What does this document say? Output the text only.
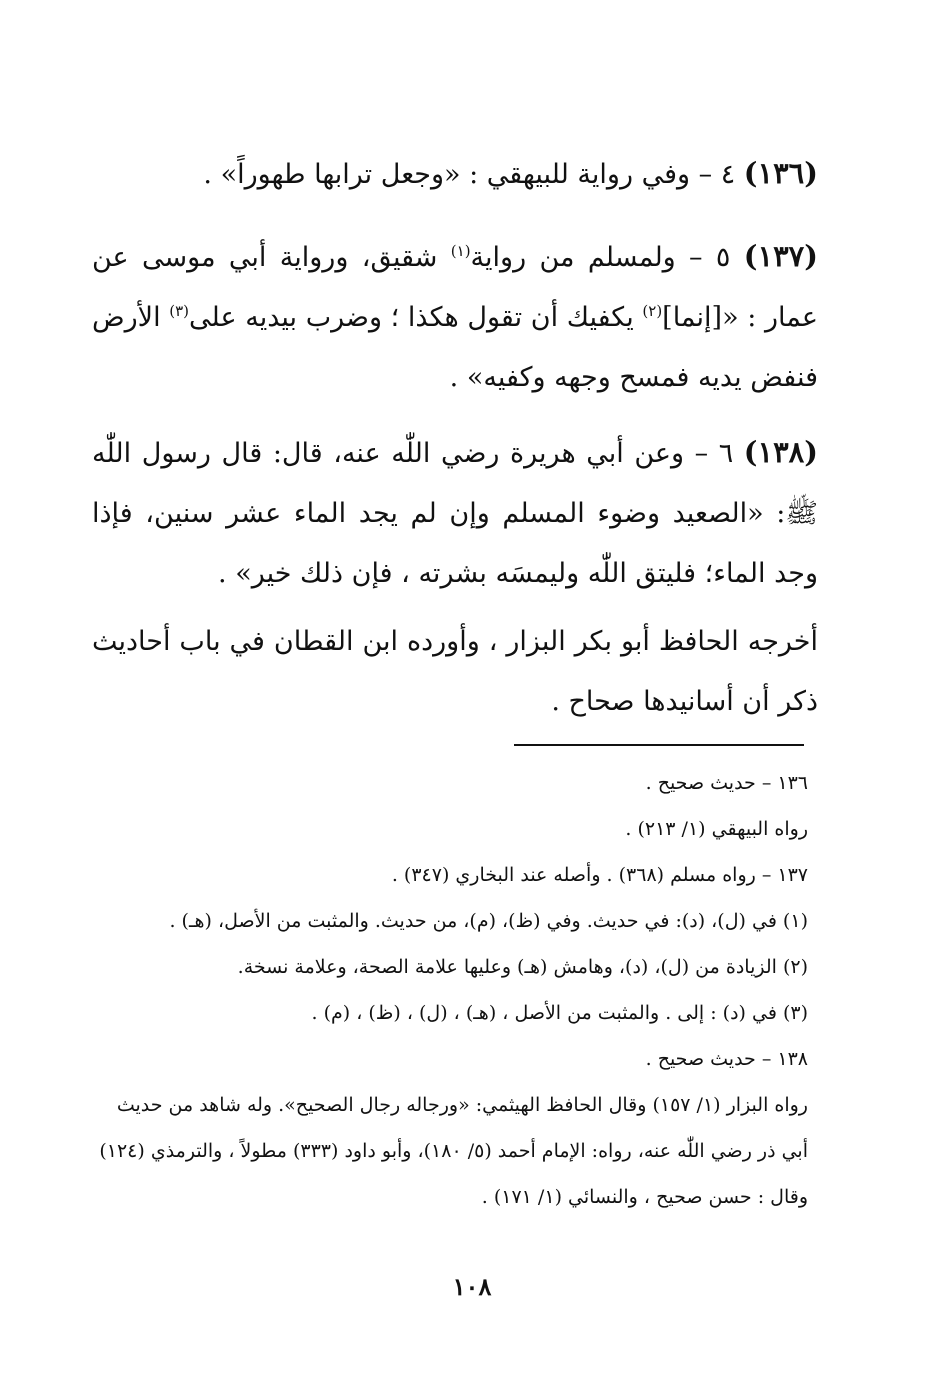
(١٣٦) ٤ – وفي رواية للبيهقي : «وجعل ترابها طهوراً» .

(١٣٧) ٥ – ولمسلم من رواية$^{(١)}$ شقيق، ورواية أبي موسى عن عمار : «[إنما]$^{(٢)}$ يكفيك أن تقول هكذا ؛ وضرب بيديه على$^{(٣)}$ الأرض فنفض يديه فمسح وجهه وكفيه» .

(١٣٨) ٦ – وعن أبي هريرة رضي اللّٰه عنه، قال: قال رسول اللّٰه ﷺ: «الصعيد وضوء المسلم وإن لم يجد الماء عشر سنين، فإذا وجد الماء؛ فليتق اللّٰه وليمسَه بشرته ، فإن ذلك خير» .

أخرجه الحافظ أبو بكر البزار ، وأورده ابن القطان في باب أحاديث ذكر أن أسانيدها صحاح .

١٣٦ – حديث صحيح .

رواه البيهقي (١/ ٢١٣) .

١٣٧ – رواه مسلم (٣٦٨) . وأصله عند البخاري (٣٤٧) .

(١) في (ل)، (د): في حديث. وفي (ظ)، (م)، من حديث. والمثبت من الأصل، (هـ) .

(٢) الزيادة من (ل)، (د)، وهامش (هـ) وعليها علامة الصحة، وعلامة نسخة.

(٣) في (د) : إلى . والمثبت من الأصل ، (هـ) ، (ل) ، (ظ) ، (م) .

١٣٨ – حديث صحيح .

رواه البزار (١/ ١٥٧) وقال الحافظ الهيثمي: «ورجاله رجال الصحيح». وله شاهد من حديث أبي ذر رضي اللّٰه عنه، رواه: الإمام أحمد (٥/ ١٨٠)، وأبو داود (٣٣٣) مطولاً ، والترمذي (١٢٤) وقال : حسن صحيح ، والنسائي (١/ ١٧١) .

١٠٨
